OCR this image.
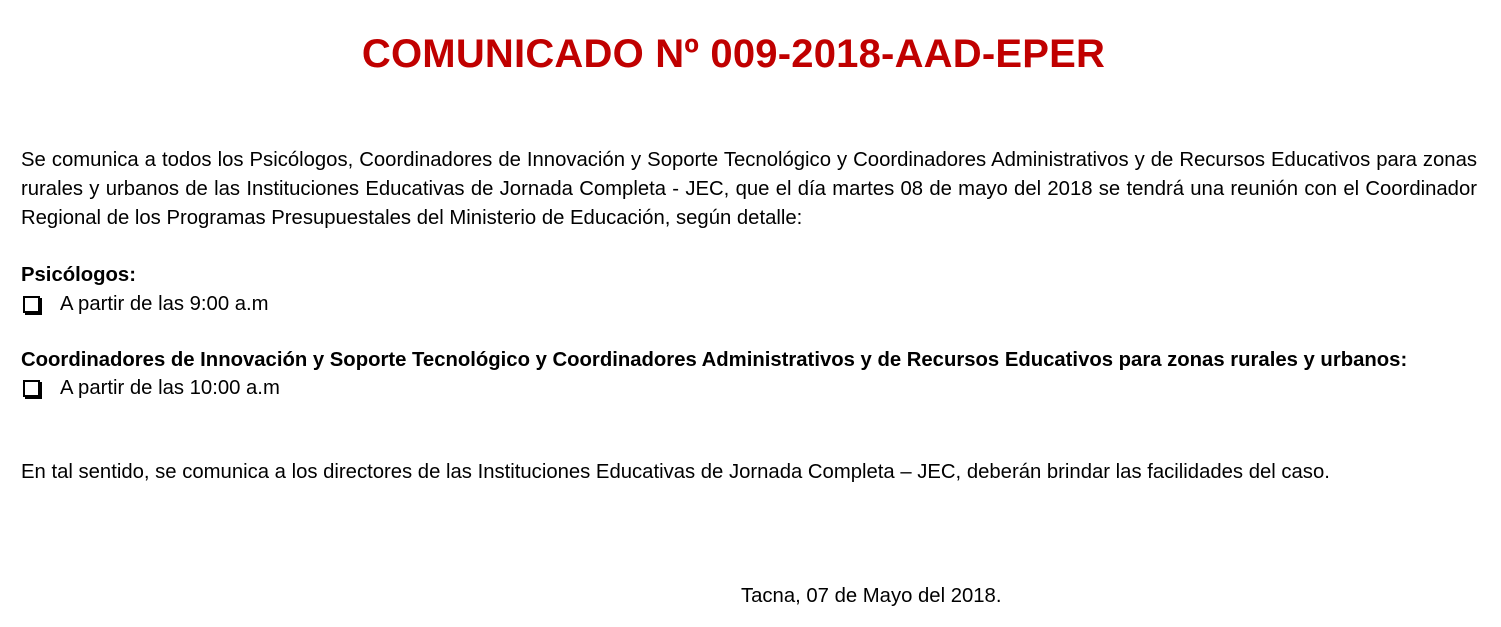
COMUNICADO Nº 009-2018-AAD-EPER
Se comunica a todos los Psicólogos, Coordinadores de Innovación y Soporte Tecnológico y Coordinadores Administrativos y de Recursos Educativos para zonas rurales y urbanos de las Instituciones Educativas de Jornada Completa - JEC, que el día martes 08 de mayo del 2018 se tendrá una reunión con el Coordinador Regional de los Programas Presupuestales del Ministerio de Educación, según detalle:
Psicólogos:
A partir de las 9:00 a.m
Coordinadores de Innovación y Soporte Tecnológico y Coordinadores Administrativos y de Recursos Educativos para zonas rurales y urbanos:
A partir de las 10:00 a.m
En tal sentido, se comunica a los directores de las Instituciones Educativas de Jornada Completa – JEC, deberán brindar las facilidades del caso.
Tacna, 07 de Mayo del 2018.
